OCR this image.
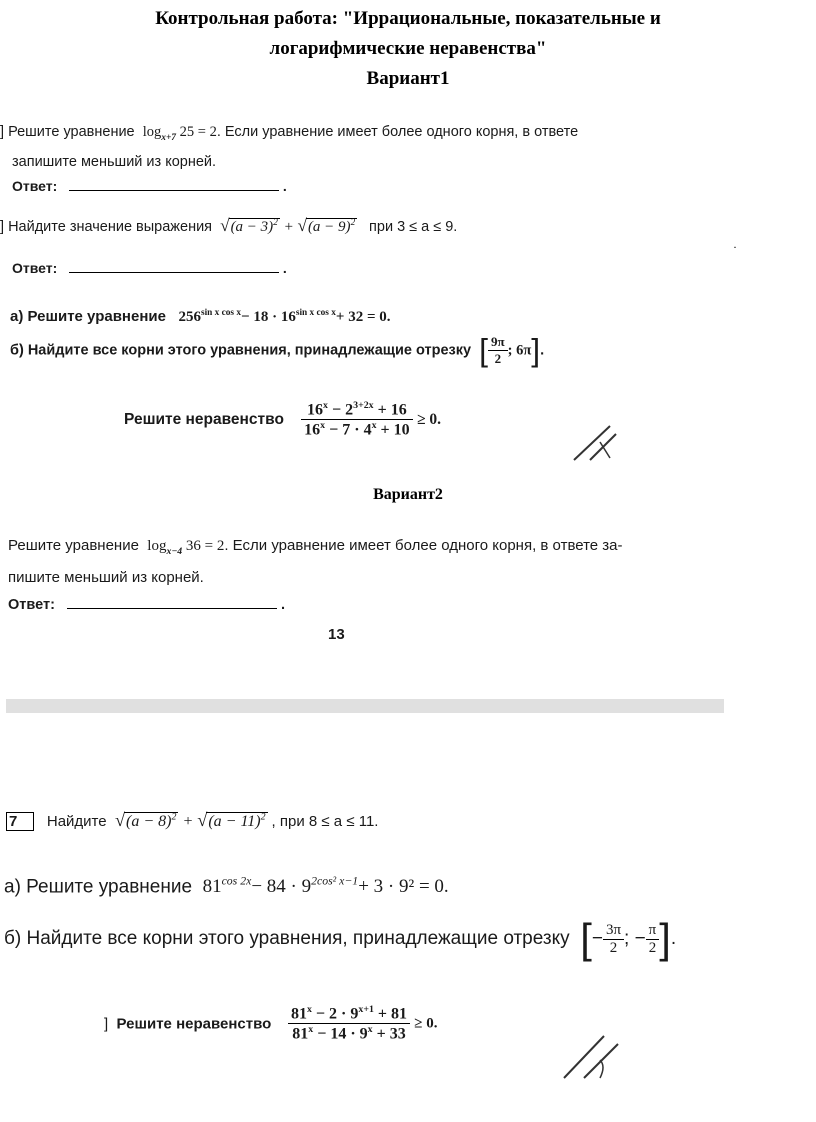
Контрольная работа: "Иррациональные, показательные и
логарифмические неравенства"
Вариант1
] Решите уравнение $\log_{x+7} 25 = 2$. Если уравнение имеет более одного корня, в ответе
запишите меньший из корней.
Ответ:	.
] Найдите значение выражения $√(a - 3)^2 + √(a - 9)^2$ при 3 ≤ a ≤ 9.
Ответ:	.
·
а) Решите уравнение $256^{sin x cos x}- 18 \cdot 16^{sin x cos x}+ 32 = 0$.
б) Найдите все корни этого уравнения, принадлежащие отрезку [ $\frac{9\pi}{2}$ ; 6π].
Решите неравенство $\frac{16^x - 2^{3+2x} + 16}{16^x - 7 \cdot 4^x + 10} \ge 0$.
Вариант2
Решите уравнение $\log_{x-4} 36 = 2$. Если уравнение имеет более одного корня, в ответе за-
пишите меньший из корней.
Ответ:	.
13
7 Найдите $√(a - 8)^2 + √(a - 11)^2$ , при 8 ≤ a ≤ 11.
а) Решите уравнение $81^{cos 2x}- 84 \cdot 9^{2cos^2 x-1}+ 3 \cdot 9^2 = 0$.
б) Найдите все корни этого уравнения, принадлежащие отрезку [− $\frac{3\pi}{2}$ ; − $\frac{\pi}{2}$ ].
]  Решите неравенство $\frac{81^x - 2 \cdot 9^{x+1} + 81}{81^x - 14 \cdot 9^x + 33} \ge 0$.
